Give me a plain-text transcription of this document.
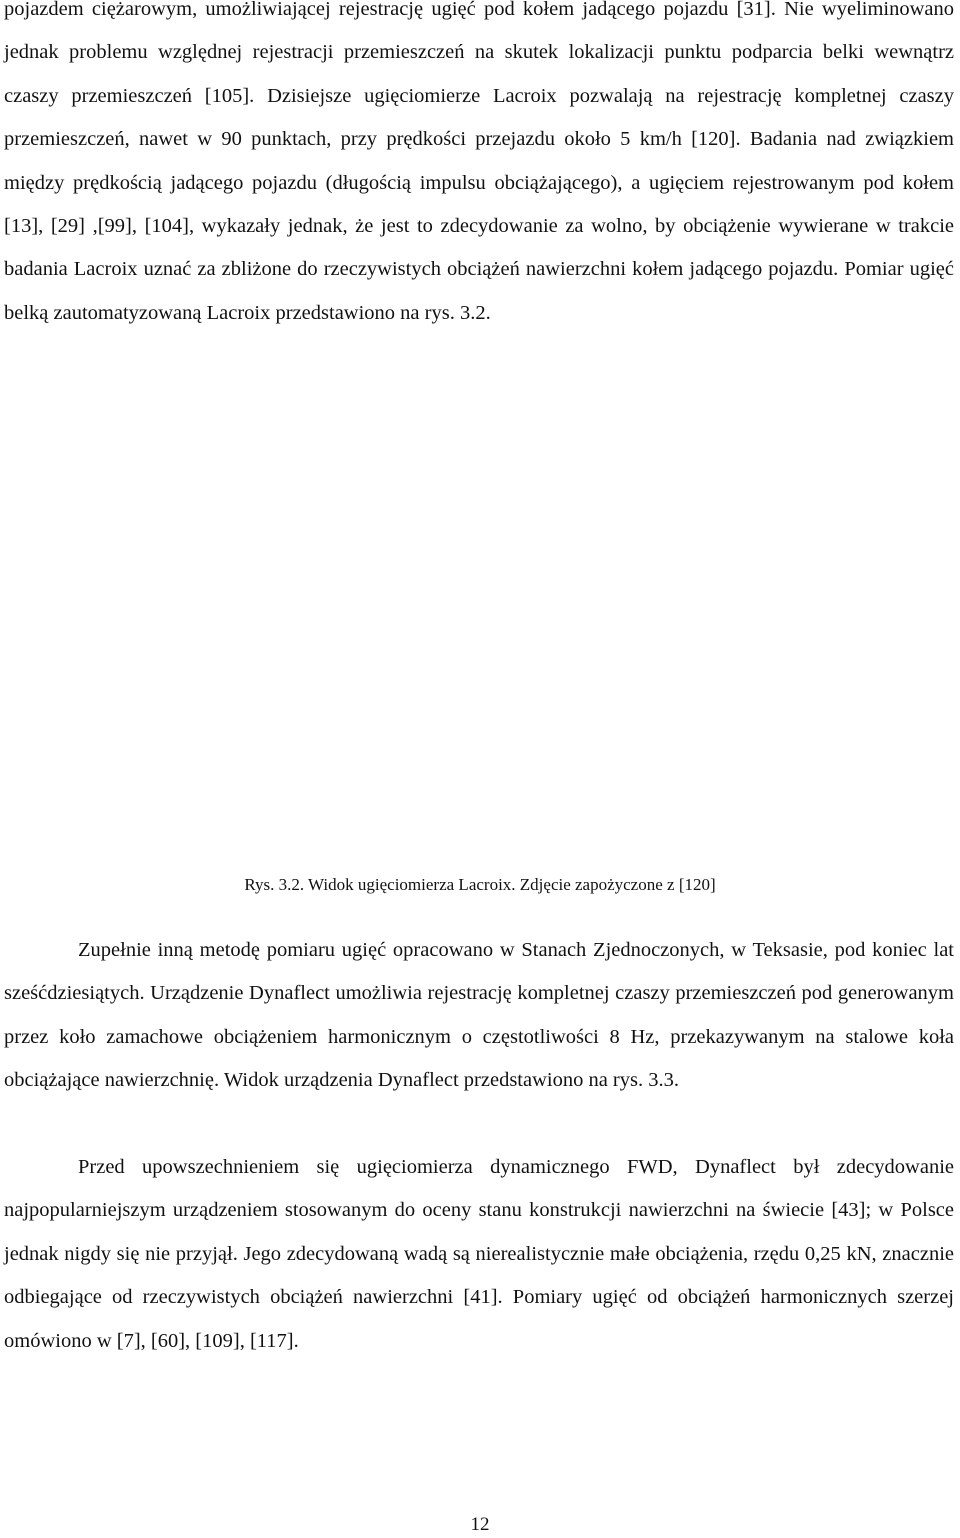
pojazdem ciężarowym, umożliwiającej rejestrację ugięć pod kołem jadącego pojazdu [31]. Nie wyeliminowano jednak problemu względnej rejestracji przemieszczeń na skutek lokalizacji punktu podparcia belki wewnątrz czaszy przemieszczeń [105]. Dzisiejsze ugięciomierze Lacroix pozwalają na rejestrację kompletnej czaszy przemieszczeń, nawet w 90 punktach, przy prędkości przejazdu około 5 km/h [120]. Badania nad związkiem między prędkością jadącego pojazdu (długością impulsu obciążającego), a ugięciem rejestrowanym pod kołem [13], [29] ,[99], [104], wykazały jednak, że jest to zdecydowanie za wolno, by obciążenie wywierane w trakcie badania Lacroix uznać za zbliżone do rzeczywistych obciążeń nawierzchni kołem jadącego pojazdu. Pomiar ugięć belką zautomatyzowaną Lacroix przedstawiono na rys. 3.2.

Rys. 3.2. Widok ugięciomierza Lacroix. Zdjęcie zapożyczone z [120]

Zupełnie inną metodę pomiaru ugięć opracowano w Stanach Zjednoczonych, w Teksasie, pod koniec lat sześćdziesiątych. Urządzenie Dynaflect umożliwia rejestrację kompletnej czaszy przemieszczeń pod generowanym przez koło zamachowe obciążeniem harmonicznym o częstotliwości 8 Hz, przekazywanym na stalowe koła obciążające nawierzchnię. Widok urządzenia Dynaflect przedstawiono na rys. 3.3.

Przed upowszechnieniem się ugięciomierza dynamicznego FWD, Dynaflect był zdecydowanie najpopularniejszym urządzeniem stosowanym do oceny stanu konstrukcji nawierzchni na świecie [43]; w Polsce jednak nigdy się nie przyjął. Jego zdecydowaną wadą są nierealistycznie małe obciążenia, rzędu 0,25 kN, znacznie odbiegające od rzeczywistych obciążeń nawierzchni [41]. Pomiary ugięć od obciążeń harmonicznych szerzej omówiono w [7], [60], [109], [117].

12
